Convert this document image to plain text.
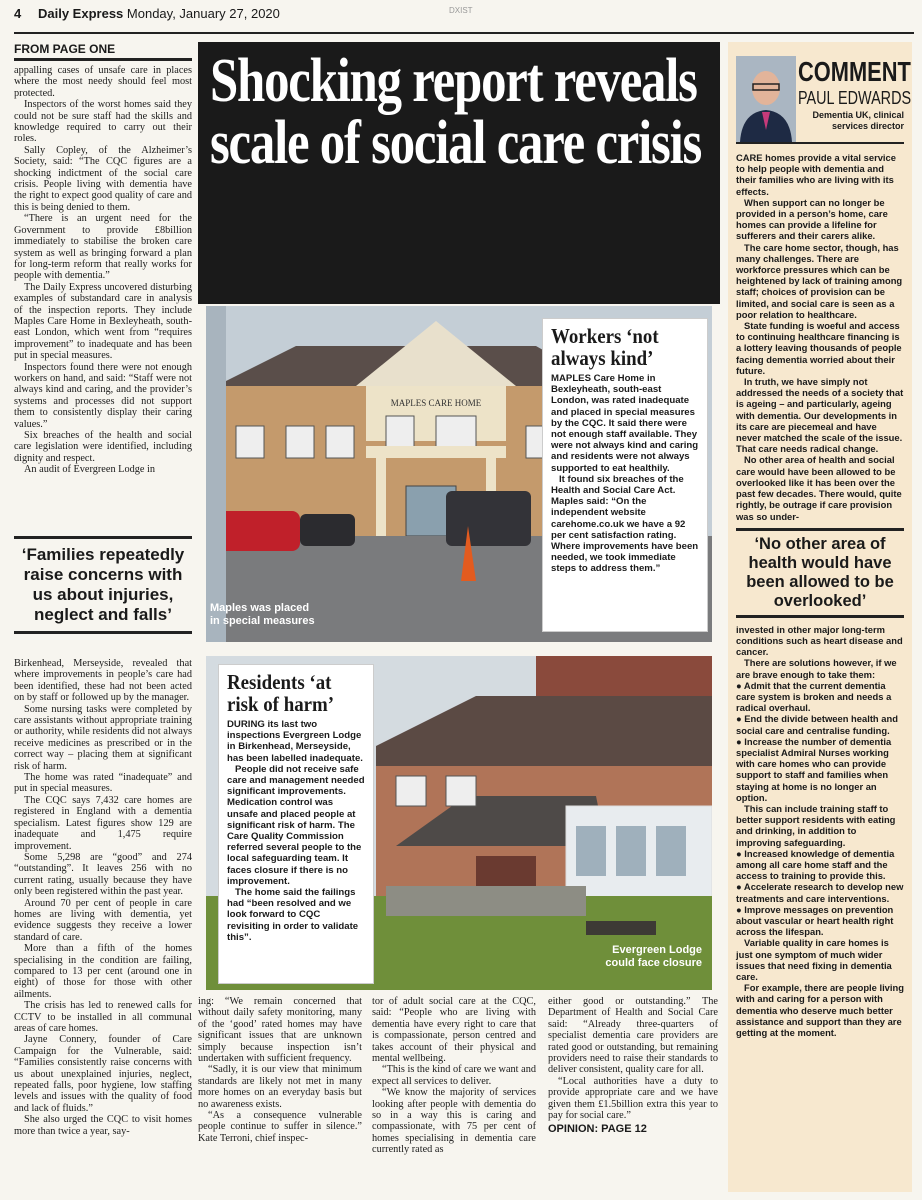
4 Daily Express Monday, January 27, 2020	DXIST
FROM PAGE ONE

appalling cases of unsafe care in places where the most needy should feel most protected.

Inspectors of the worst homes said they could not be sure staff had the skills and knowledge required to carry out their roles.

Sally Copley, of the Alzheimer’s Society, said: “The CQC figures are a shocking indictment of the social care crisis. People living with dementia have the right to expect good quality of care and this is being denied to them.

“There is an urgent need for the Government to provide £8billion immediately to stabilise the broken care system as well as bringing forward a plan for long-term reform that really works for people with dementia.”

The Daily Express uncovered disturbing examples of substandard care in analysis of the inspection reports. They include Maples Care Home in Bexleyheath, south-east London, which went from “requires improvement” to inadequate and has been put in special measures.

Inspectors found there were not enough workers on hand, and said: “Staff were not always kind and caring, and the provider’s systems and processes did not support them to consistently display their caring values.”

Six breaches of the health and social care legislation were identified, including dignity and respect.

An audit of Evergreen Lodge in

‘Families repeatedly raise concerns with us about injuries, neglect and falls’

Birkenhead, Merseyside, revealed that where improvements in people’s care had been identified, these had not been acted on by staff or followed up by the manager.

Some nursing tasks were completed by care assistants without appropriate training or authority, while residents did not always receive medicines as prescribed or in the correct way – placing them at significant risk of harm.

The home was rated “inadequate” and put in special measures.

The CQC says 7,432 care homes are registered in England with a dementia specialism. Latest figures show 129 are inadequate and 1,475 require improvement.

Some 5,298 are “good” and 274 “outstanding”. It leaves 256 with no current rating, usually because they have only been registered within the past year.

Around 70 per cent of people in care homes are living with dementia, yet evidence suggests they receive a lower standard of care.

More than a fifth of the homes specialising in the condition are failing, compared to 13 per cent (around one in eight) of those for those with other ailments.

The crisis has led to renewed calls for CCTV to be installed in all communal areas of care homes.

Jayne Connery, founder of Care Campaign for the Vulnerable, said: “Families consistently raise concerns with us about unexplained injuries, neglect, repeated falls, poor hygiene, low staffing levels and issues with the quality of food and lack of fluids.”

She also urged the CQC to visit homes more than twice a year, say-

Shocking report reveals scale of social care crisis
MAPLES CARE HOME
Maples was placed in special measures
Workers ‘not always kind’

MAPLES Care Home in Bexleyheath, south-east London, was rated inadequate and placed in special measures by the CQC. It said there were not enough staff available. They were not always kind and caring and residents were not always supported to eat healthily.

It found six breaches of the Health and Social Care Act. Maples said: “On the independent website carehome.co.uk we have a 92 per cent satisfaction rating. Where improvements have been needed, we took immediate steps to address them.”

Evergreen Lodge could face closure
Residents ‘at risk of harm’

DURING its last two inspections Evergreen Lodge in Birkenhead, Merseyside, has been labelled inadequate.

People did not receive safe care and management needed significant improvements. Medication control was unsafe and placed people at significant risk of harm. The Care Quality Commission referred several people to the local safeguarding team. It faces closure if there is no improvement.

The home said the failings had “been resolved and we look forward to CQC revisiting in order to validate this”.

ing: “We remain concerned that without daily safety monitoring, many of the ‘good’ rated homes may have significant issues that are unknown simply because inspection isn’t undertaken with sufficient frequency.

“Sadly, it is our view that minimum standards are likely not met in many more homes on an everyday basis but no awareness exists.

“As a consequence vulnerable people continue to suffer in silence.” Kate Terroni, chief inspec-

tor of adult social care at the CQC, said: “People who are living with dementia have every right to care that is compassionate, person centred and takes account of their physical and mental wellbeing.

“This is the kind of care we want and expect all services to deliver.

“We know the majority of services looking after people with dementia do so in a way this is caring and compassionate, with 75 per cent of homes specialising in dementia care currently rated as

either good or outstanding.” The Department of Health and Social Care said: “Already three-quarters of specialist dementia care providers are rated good or outstanding, but remaining providers need to raise their standards to deliver consistent, quality care for all.

“Local authorities have a duty to provide appropriate care and we have given them £1.5billion extra this year to pay for social care.”

OPINION: PAGE 12
COMMENT
PAUL EDWARDS
Dementia UK, clinical services director

CARE homes provide a vital service to help people with dementia and their families who are living with its effects.

When support can no longer be provided in a person’s home, care homes can provide a lifeline for sufferers and their carers alike.

The care home sector, though, has many challenges. There are workforce pressures which can be heightened by lack of training among staff; choices of provision can be limited, and social care is seen as a poor relation to healthcare.

State funding is woeful and access to continuing healthcare financing is a lottery leaving thousands of people facing dementia worried about their future.

In truth, we have simply not addressed the needs of a society that is ageing – and particularly, ageing with dementia. Our developments in its care are piecemeal and have never matched the scale of the issue. That care needs radical change.

No other area of health and social care would have been allowed to be overlooked like it has been over the past few decades. There would, quite rightly, be outrage if care provision was so under-

‘No other area of health would have been allowed to be overlooked’

invested in other major long-term conditions such as heart disease and cancer.

There are solutions however, if we are brave enough to take them:

● Admit that the current dementia care system is broken and needs a radical overhaul.

● End the divide between health and social care and centralise funding.

● Increase the number of dementia specialist Admiral Nurses working with care homes who can provide support to staff and families when staying at home is no longer an option.

This can include training staff to better support residents with eating and drinking, in addition to improving safeguarding.

● Increased knowledge of dementia among all care home staff and the access to training to provide this.

● Accelerate research to develop new treatments and care interventions.

● Improve messages on prevention about vascular or heart health right across the lifespan.

Variable quality in care homes is just one symptom of much wider issues that need fixing in dementia care.

For example, there are people living with and caring for a person with dementia who deserve much better assistance and support than they are getting at the moment.
